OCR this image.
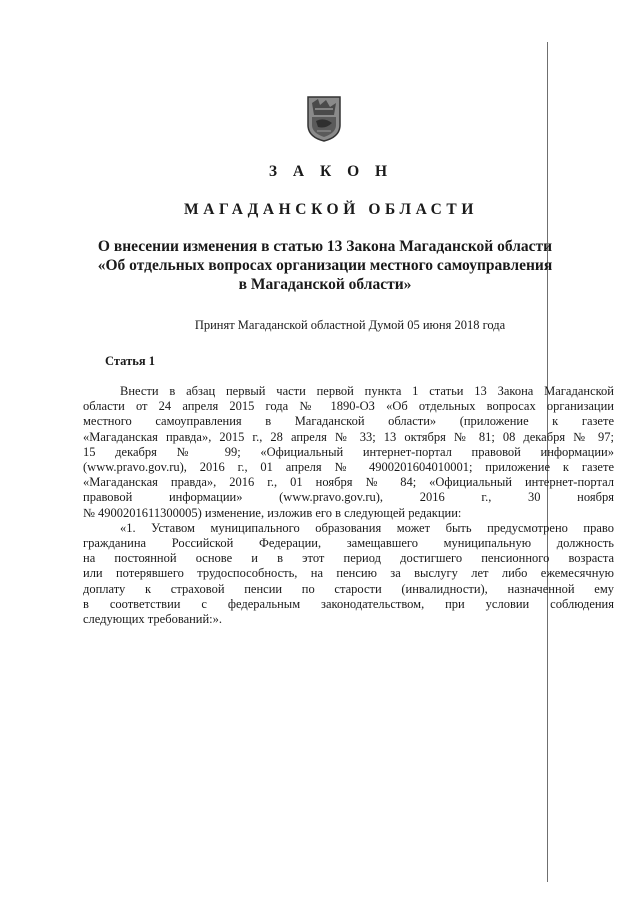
З А К О Н
МАГАДАНСКОЙ ОБЛАСТИ
О внесении изменения в статью 13 Закона Магаданской области
«Об отдельных вопросах организации местного самоуправления
в Магаданской области»
Принят Магаданской областной Думой 05 июня 2018 года
Статья 1
Внести в абзац первый части первой пункта 1 статьи 13 Закона Магаданской
области от 24 апреля 2015 года № 1890-ОЗ «Об отдельных вопросах организации
местного самоуправления в Магаданской области» (приложение к газете
«Магаданская правда», 2015 г., 28 апреля № 33; 13 октября № 81; 08 декабря № 97;
15 декабря № 99; «Официальный интернет-портал правовой информации»
(www.pravo.gov.ru), 2016 г., 01 апреля № 4900201604010001; приложение к газете
«Магаданская правда», 2016 г., 01 ноября № 84; «Официальный интернет-портал
правовой информации» (www.pravo.gov.ru), 2016 г., 30 ноября
№ 4900201611300005) изменение, изложив его в следующей редакции:
«1. Уставом муниципального образования может быть предусмотрено право
гражданина Российской Федерации, замещавшего муниципальную должность
на постоянной основе и в этот период достигшего пенсионного возраста
или потерявшего трудоспособность, на пенсию за выслугу лет либо ежемесячную
доплату к страховой пенсии по старости (инвалидности), назначенной ему
в соответствии с федеральным законодательством, при условии соблюдения
следующих требований:».
